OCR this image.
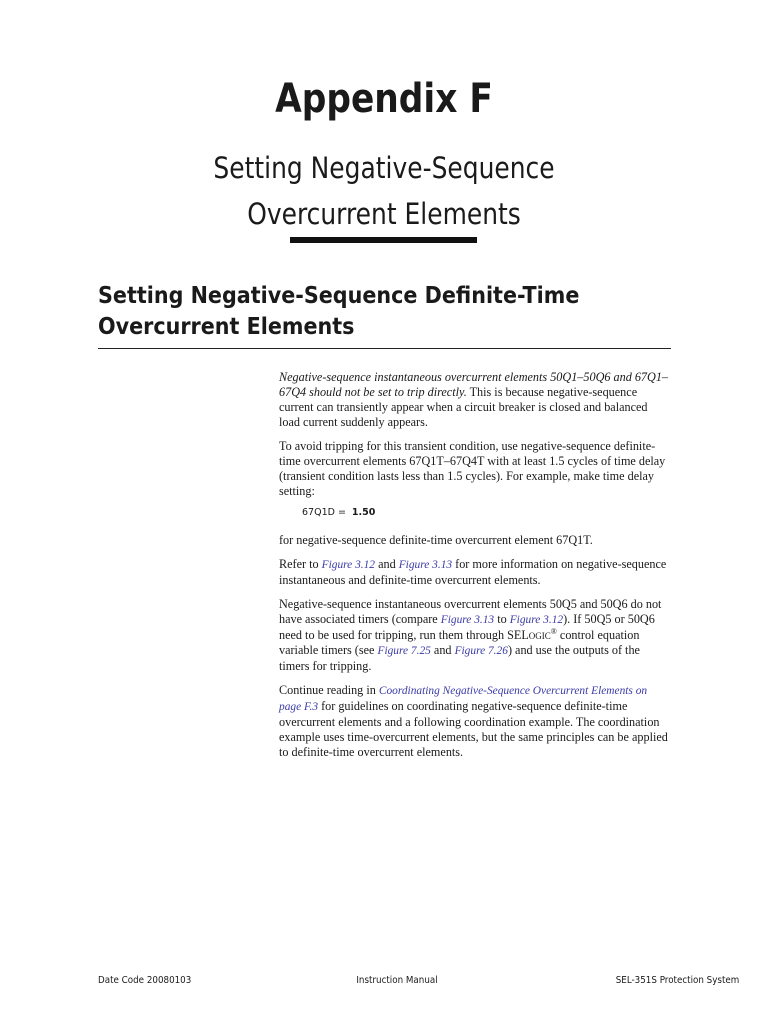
Appendix F
Setting Negative-Sequence
Overcurrent Elements
Setting Negative-Sequence Definite-Time
Overcurrent Elements

Negative-sequence instantaneous overcurrent elements 50Q1–50Q6 and 67Q1–67Q4 should not be set to trip directly. This is because negative-sequence current can transiently appear when a circuit breaker is closed and balanced load current suddenly appears.

To avoid tripping for this transient condition, use negative-sequence definite-time overcurrent elements 67Q1T–67Q4T with at least 1.5 cycles of time delay (transient condition lasts less than 1.5 cycles). For example, make time delay setting:

67Q1D = 1.50

for negative-sequence definite-time overcurrent element 67Q1T.

Refer to Figure 3.12 and Figure 3.13 for more information on negative-sequence instantaneous and definite-time overcurrent elements.

Negative-sequence instantaneous overcurrent elements 50Q5 and 50Q6 do not have associated timers (compare Figure 3.13 to Figure 3.12). If 50Q5 or 50Q6 need to be used for tripping, run them through SELogic® control equation variable timers (see Figure 7.25 and Figure 7.26) and use the outputs of the timers for tripping.

Continue reading in Coordinating Negative-Sequence Overcurrent Elements on page F.3 for guidelines on coordinating negative-sequence definite-time overcurrent elements and a following coordination example. The coordination example uses time-overcurrent elements, but the same principles can be applied to definite-time overcurrent elements.

Date Code 20080103	Instruction Manual	SEL-351S Protection System
